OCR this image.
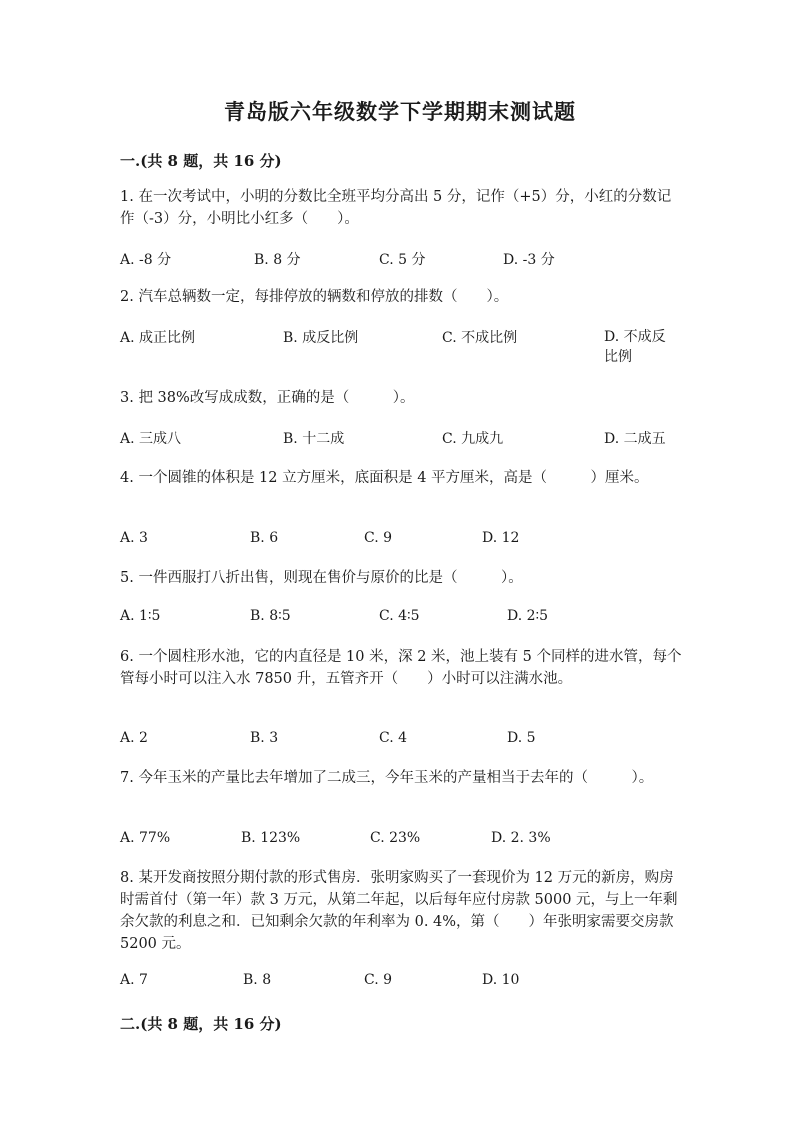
青岛版六年级数学下学期期末测试题
一.(共 8 题，共 16 分)
1. 在一次考试中，小明的分数比全班平均分高出 5 分，记作（+5）分，小红的分数记作（-3）分，小明比小红多（　　）。
A. -8 分	B. 8 分	C. 5 分	D. -3 分
2. 汽车总辆数一定，每排停放的辆数和停放的排数（　　）。
A. 成正比例	B. 成反比例	C. 不成比例	D. 不成反比例
3. 把 38%改写成成数，正确的是（　　　）。
A. 三成八	B. 十二成	C. 九成九	D. 二成五
4. 一个圆锥的体积是 12 立方厘米，底面积是 4 平方厘米，高是（　　　）厘米。
A. 3	B. 6	C. 9	D. 12
5. 一件西服打八折出售，则现在售价与原价的比是（　　　）。
A. 1∶5	B. 8∶5	C. 4∶5	D. 2∶5
6. 一个圆柱形水池，它的内直径是 10 米，深 2 米，池上装有 5 个同样的进水管，每个管每小时可以注入水 7850 升，五管齐开（　　）小时可以注满水池。
A. 2	B. 3	C. 4	D. 5
7. 今年玉米的产量比去年增加了二成三，今年玉米的产量相当于去年的（　　　）。
A. 77%	B. 123%	C. 23%	D. 2. 3%
8. 某开发商按照分期付款的形式售房．张明家购买了一套现价为 12 万元的新房，购房时需首付（第一年）款 3 万元，从第二年起，以后每年应付房款 5000 元，与上一年剩余欠款的利息之和．已知剩余欠款的年利率为 0. 4%，第（　　）年张明家需要交房款 5200 元。
A. 7	B. 8	C. 9	D. 10
二.(共 8 题，共 16 分)
